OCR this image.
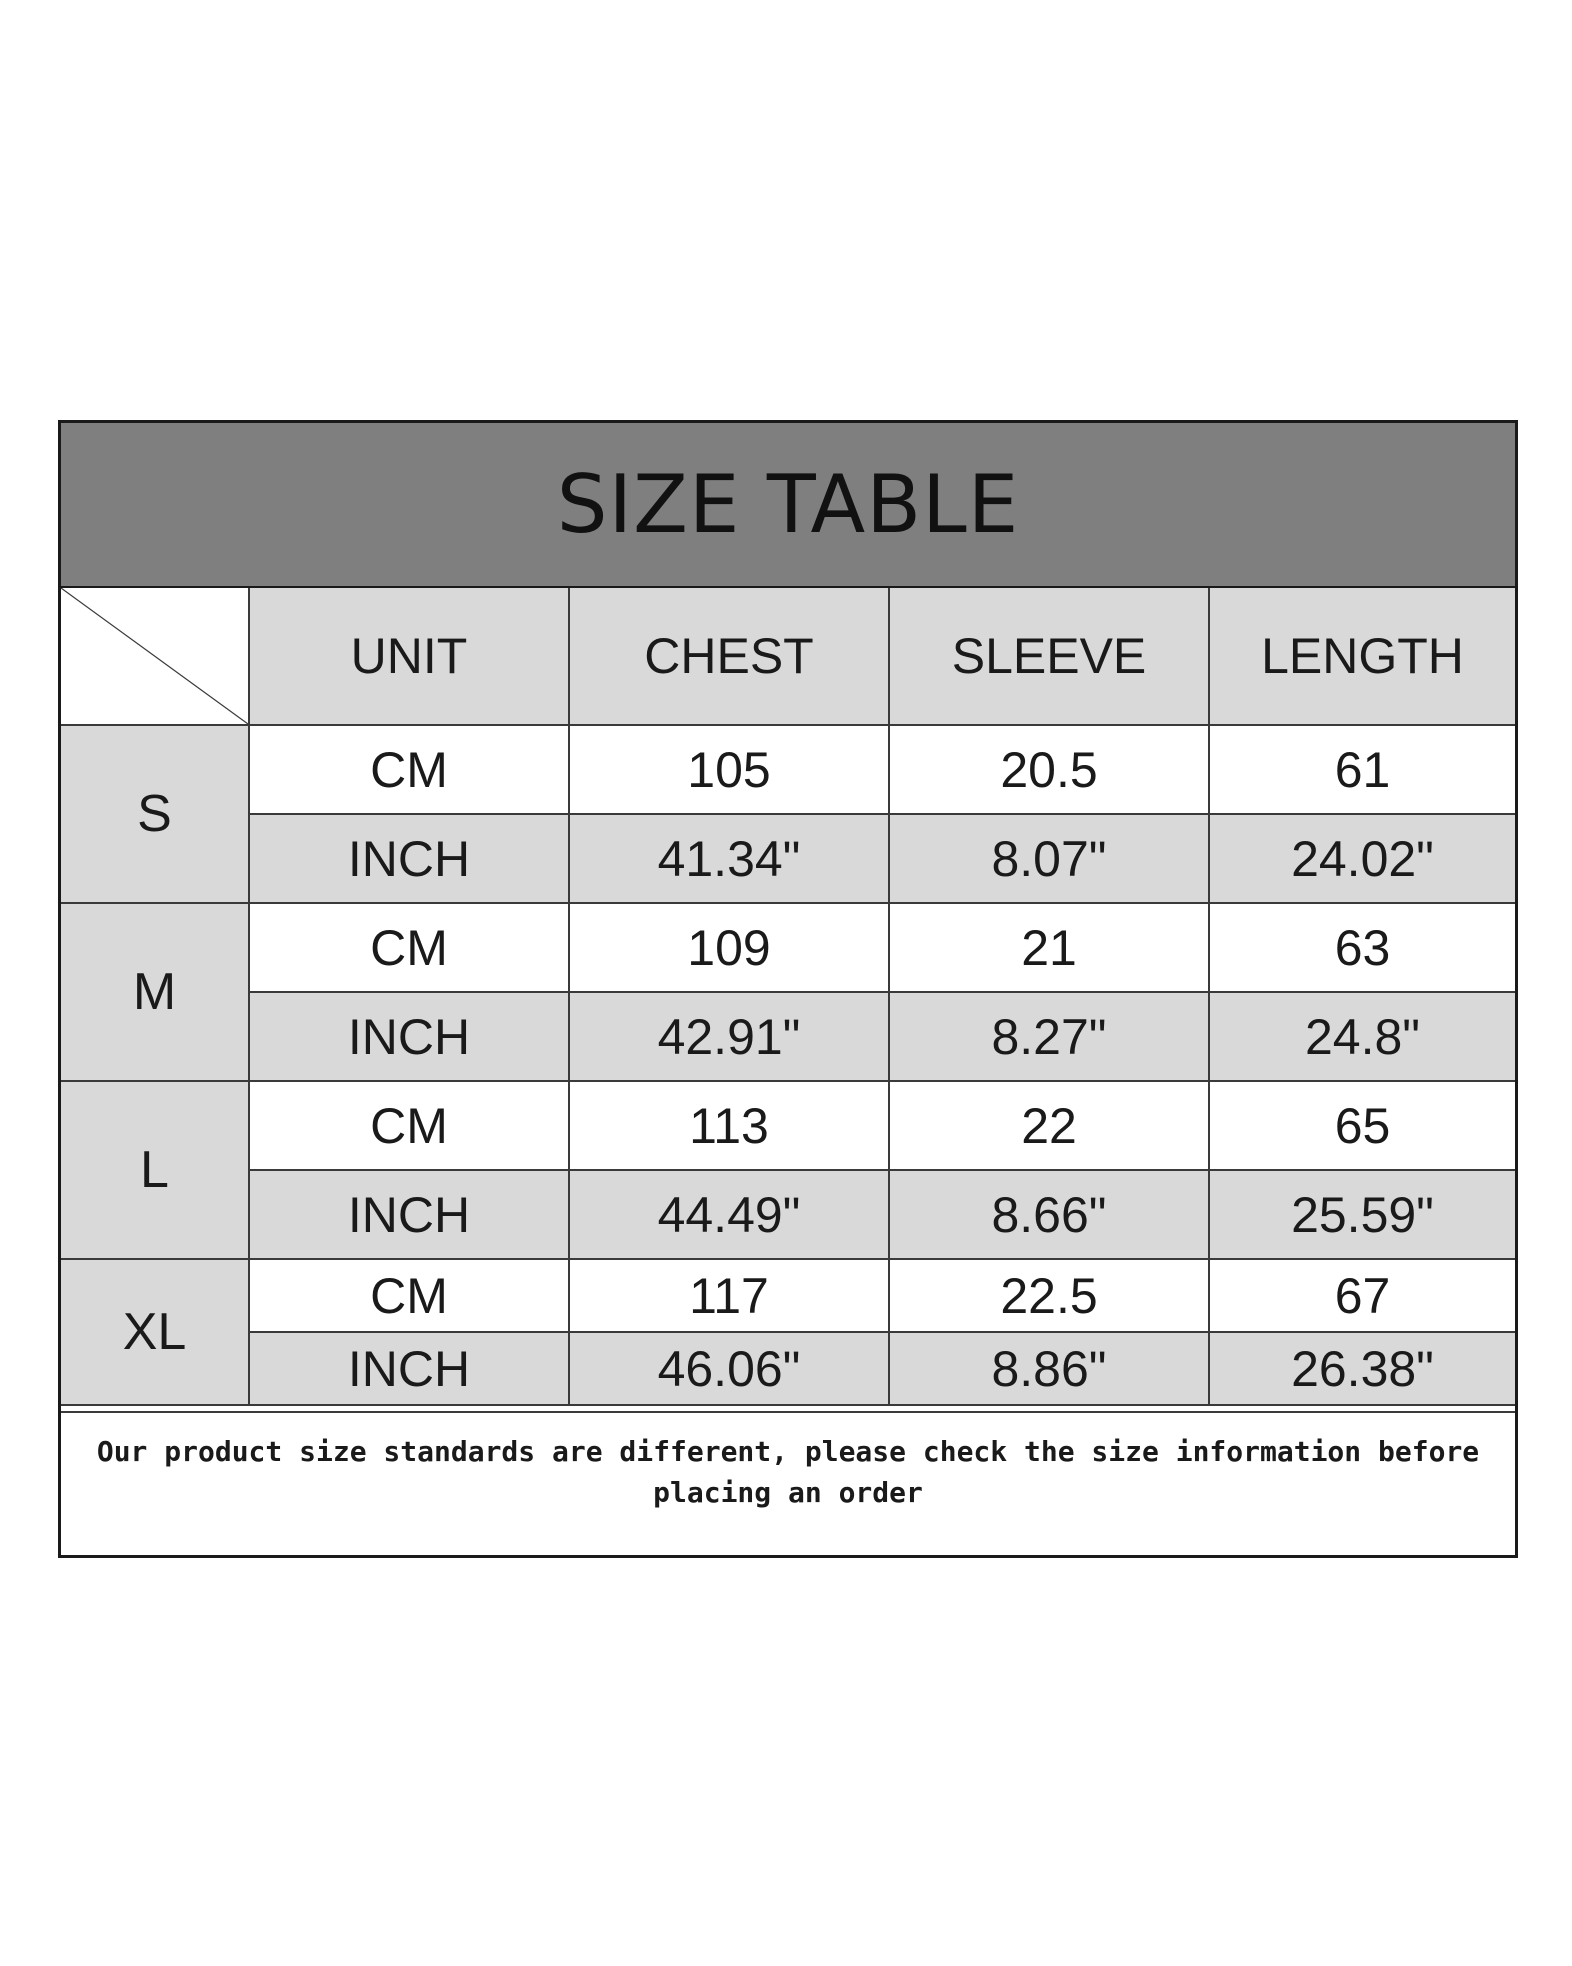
SIZE TABLE
	UNIT	CHEST	SLEEVE	LENGTH
S	CM	105	20.5	61
	INCH	41.34"	8.07"	24.02"
M	CM	109	21	63
	INCH	42.91"	8.27"	24.8"
L	CM	113	22	65
	INCH	44.49"	8.66"	25.59"
XL	CM	117	22.5	67
	INCH	46.06"	8.86"	26.38"
Our product size standards are different, please check the size information before placing an order
